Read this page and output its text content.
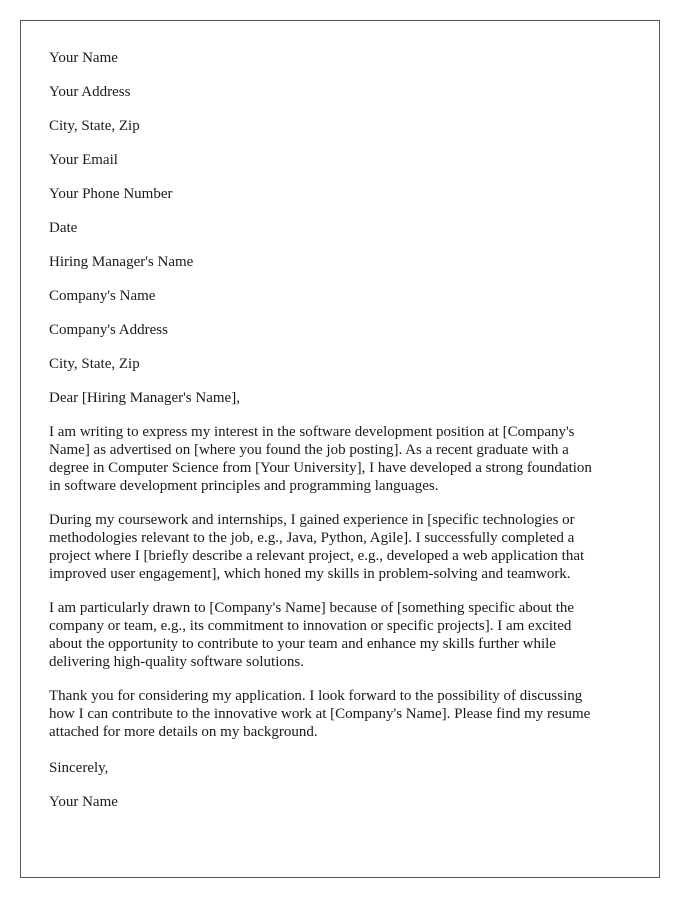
Your Name

Your Address

City, State, Zip

Your Email

Your Phone Number

Date

Hiring Manager's Name

Company's Name

Company's Address

City, State, Zip

Dear [Hiring Manager's Name],

I am writing to express my interest in the software development position at [Company's
Name] as advertised on [where you found the job posting]. As a recent graduate with a
degree in Computer Science from [Your University], I have developed a strong foundation
in software development principles and programming languages.
During my coursework and internships, I gained experience in [specific technologies or
methodologies relevant to the job, e.g., Java, Python, Agile]. I successfully completed a
project where I [briefly describe a relevant project, e.g., developed a web application that
improved user engagement], which honed my skills in problem-solving and teamwork.
I am particularly drawn to [Company's Name] because of [something specific about the
company or team, e.g., its commitment to innovation or specific projects]. I am excited
about the opportunity to contribute to your team and enhance my skills further while
delivering high-quality software solutions.
Thank you for considering my application. I look forward to the possibility of discussing
how I can contribute to the innovative work at [Company's Name]. Please find my resume
attached for more details on my background.

Sincerely,

Your Name
